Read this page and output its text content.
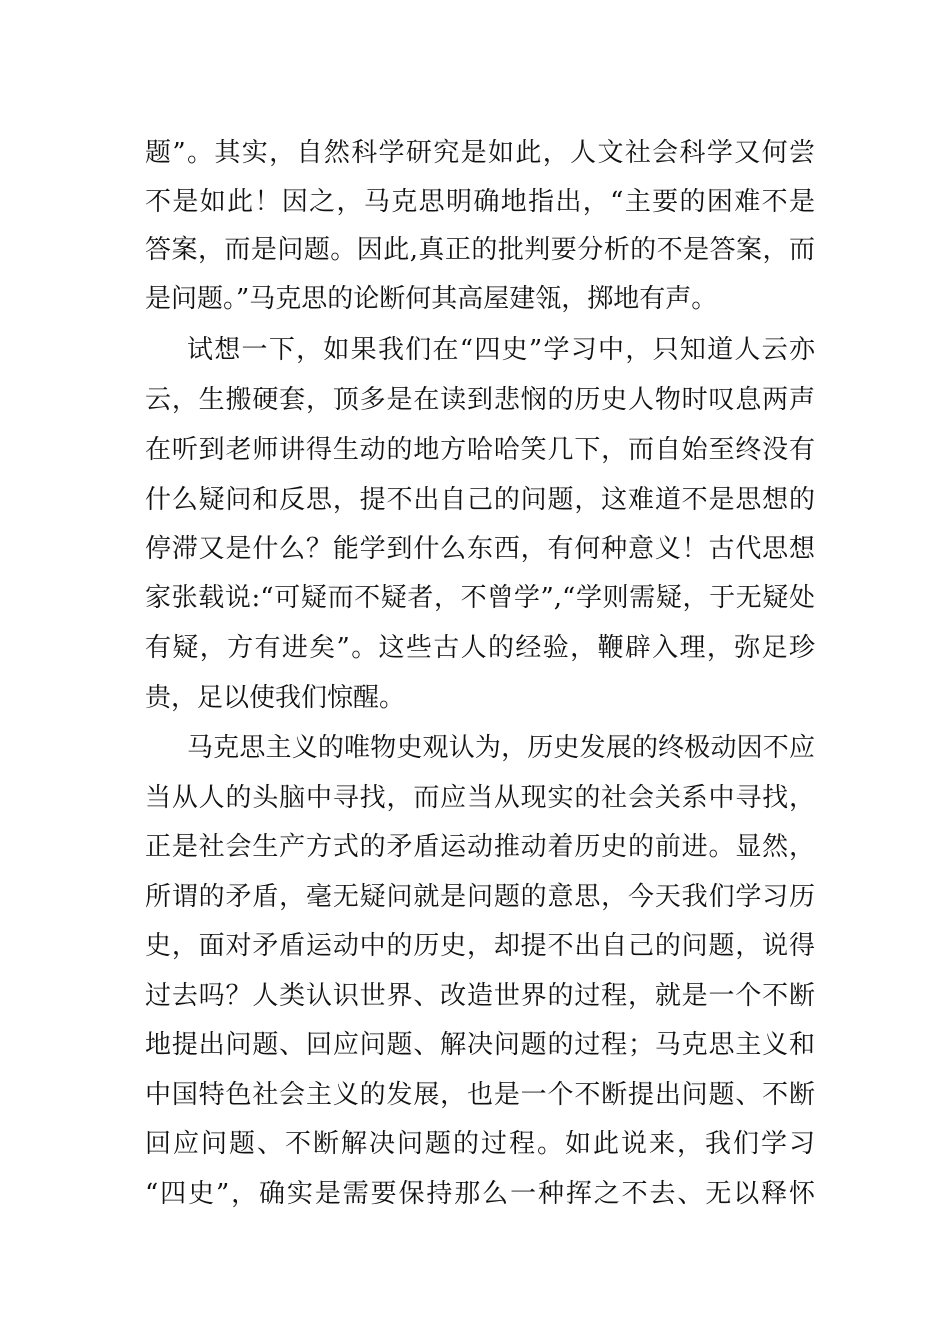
题”。其实，自然科学研究是如此，人文社会科学又何尝
不是如此！因之，马克思明确地指出，“主要的困难不是
答案，而是问题。因此,真正的批判要分析的不是答案，而
是问题。”马克思的论断何其高屋建瓴，掷地有声。
试想一下，如果我们在“四史”学习中，只知道人云亦
云，生搬硬套，顶多是在读到悲悯的历史人物时叹息两声
在听到老师讲得生动的地方哈哈笑几下，而自始至终没有
什么疑问和反思，提不出自己的问题，这难道不是思想的
停滞又是什么？能学到什么东西，有何种意义！古代思想
家张载说:“可疑而不疑者，不曾学”,“学则需疑，于无疑处
有疑，方有进矣”。这些古人的经验，鞭辟入理，弥足珍
贵，足以使我们惊醒。
马克思主义的唯物史观认为，历史发展的终极动因不应
当从人的头脑中寻找，而应当从现实的社会关系中寻找，
正是社会生产方式的矛盾运动推动着历史的前进。显然，
所谓的矛盾，毫无疑问就是问题的意思，今天我们学习历
史，面对矛盾运动中的历史，却提不出自己的问题，说得
过去吗？人类认识世界、改造世界的过程，就是一个不断
地提出问题、回应问题、解决问题的过程；马克思主义和
中国特色社会主义的发展，也是一个不断提出问题、不断
回应问题、不断解决问题的过程。如此说来，我们学习
“四史”，确实是需要保持那么一种挥之不去、无以释怀
